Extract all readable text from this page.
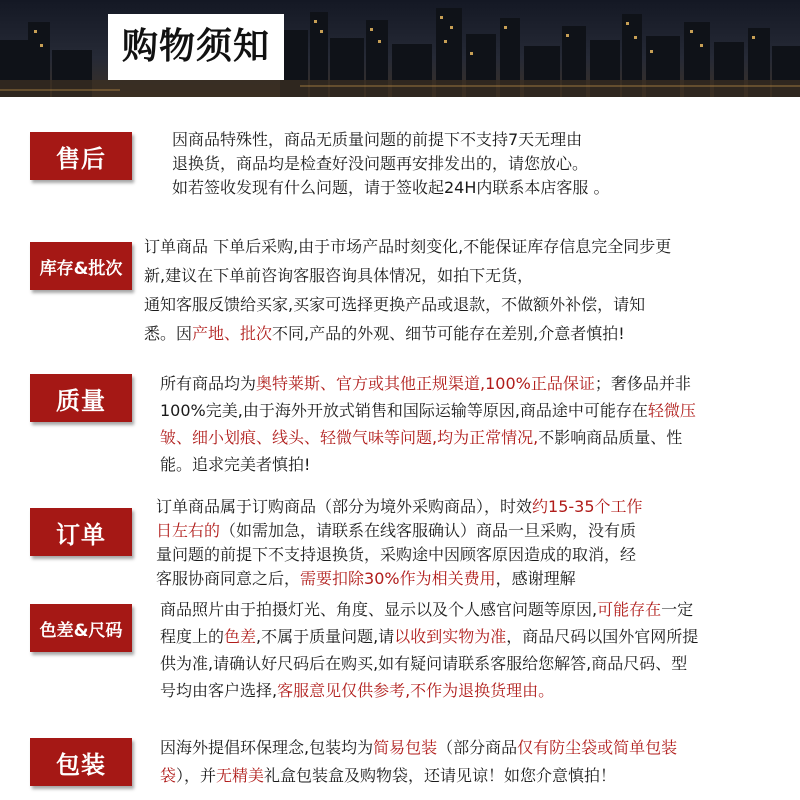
购物须知
售后
因商品特殊性，商品无质量问题的前提下不支持7天无理由
退换货，商品均是检查好没问题再安排发出的，请您放心。
如若签收发现有什么问题，请于签收起24H内联系本店客服 。
库存&批次
订单商品 下单后采购,由于市场产品时刻变化,不能保证库存信息完全同步更
新,建议在下单前咨询客服咨询具体情况，如拍下无货，
通知客服反馈给买家,买家可选择更换产品或退款，不做额外补偿，请知
悉。因产地、批次不同,产品的外观、细节可能存在差别,介意者慎拍!
质量
所有商品均为奥特莱斯、官方或其他正规渠道,100%正品保证；奢侈品并非
100%完美,由于海外开放式销售和国际运输等原因,商品途中可能存在轻微压
皱、细小划痕、线头、轻微气味等问题,均为正常情况,不影响商品质量、性
能。追求完美者慎拍!
订单
订单商品属于订购商品（部分为境外采购商品），时效约15-35个工作
日左右的（如需加急，请联系在线客服确认）商品一旦采购，没有质
量问题的前提下不支持退换货，采购途中因顾客原因造成的取消，经
客服协商同意之后，需要扣除30%作为相关费用，感谢理解
色差&尺码
商品照片由于拍摄灯光、角度、显示以及个人感官问题等原因,可能存在一定
程度上的色差,不属于质量问题,请以收到实物为准，商品尺码以国外官网所提
供为准,请确认好尺码后在购买,如有疑问请联系客服给您解答,商品尺码、型
号均由客户选择,客服意见仅供参考,不作为退换货理由。
包装
因海外提倡环保理念,包装均为简易包装（部分商品仅有防尘袋或简单包装
袋），并无精美礼盒包装盒及购物袋，还请见谅！如您介意慎拍！
